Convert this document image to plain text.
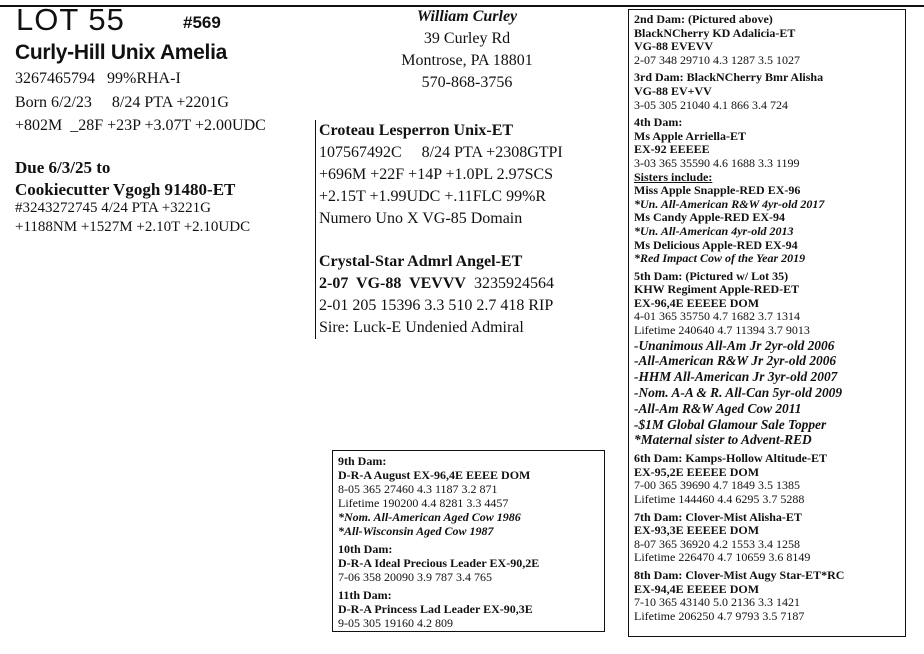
LOT 55	#569
Curly-Hill Unix Amelia
3267465794   99%RHA-I
Born 6/2/23     8/24 PTA +2201G
+802M  _28F +23P +3.07T +2.00UDC
Due 6/3/25 to
Cookiecutter Vgogh 91480-ET
#3243272745 4/24 PTA +3221G
+1188NM +1527M +2.10T +2.10UDC
William Curley
39 Curley Rd
Montrose, PA 18801
570-868-3756
Croteau Lesperron Unix-ET
107567492C     8/24 PTA +2308GTPI
+696M +22F +14P +1.0PL 2.97SCS
+2.15T +1.99UDC +.11FLC 99%R
Numero Uno X VG-85 Domain
Crystal-Star Admrl Angel-ET
2-07  VG-88  VEVVV  3235924564
2-01 205 15396 3.3 510 2.7 418 RIP
Sire: Luck-E Undenied Admiral
9th Dam:
D-R-A August EX-96,4E EEEE DOM
8-05 365 27460 4.3 1187 3.2 871
Lifetime 190200 4.4 8281 3.3 4457
*Nom. All-American Aged Cow 1986
*All-Wisconsin Aged Cow 1987
10th Dam:
D-R-A Ideal Precious Leader EX-90,2E
7-06 358 20090 3.9 787 3.4 765
11th Dam:
D-R-A Princess Lad Leader EX-90,3E
9-05 305 19160 4.2 809
2nd Dam: (Pictured above)
BlackNCherry KD Adalicia-ET
VG-88 EVEVV
2-07 348 29710 4.3 1287 3.5 1027
3rd Dam: BlackNCherry Bmr Alisha
VG-88 EV+VV
3-05 305 21040 4.1 866 3.4 724
4th Dam:
Ms Apple Arriella-ET
EX-92 EEEEE
3-03 365 35590 4.6 1688 3.3 1199
Sisters include:
Miss Apple Snapple-RED EX-96
*Un. All-American R&W 4yr-old 2017
Ms Candy Apple-RED EX-94
*Un. All-American 4yr-old 2013
Ms Delicious Apple-RED EX-94
*Red Impact Cow of the Year 2019
5th Dam: (Pictured w/ Lot 35)
KHW Regiment Apple-RED-ET
EX-96,4E EEEEE DOM
4-01 365 35750 4.7 1682 3.7 1314
Lifetime 240640 4.7 11394 3.7 9013
-Unanimous All-Am Jr 2yr-old 2006
-All-American R&W Jr 2yr-old 2006
-HHM All-American Jr 3yr-old 2007
-Nom. A-A & R. All-Can 5yr-old 2009
-All-Am R&W Aged Cow 2011
-$1M Global Glamour Sale Topper
*Maternal sister to Advent-RED
6th Dam: Kamps-Hollow Altitude-ET
EX-95,2E EEEEE DOM
7-00 365 39690 4.7 1849 3.5 1385
Lifetime 144460 4.4 6295 3.7 5288
7th Dam: Clover-Mist Alisha-ET
EX-93,3E EEEEE DOM
8-07 365 36920 4.2 1553 3.4 1258
Lifetime 226470 4.7 10659 3.6 8149
8th Dam: Clover-Mist Augy Star-ET*RC
EX-94,4E EEEEE DOM
7-10 365 43140 5.0 2136 3.3 1421
Lifetime 206250 4.7 9793 3.5 7187
